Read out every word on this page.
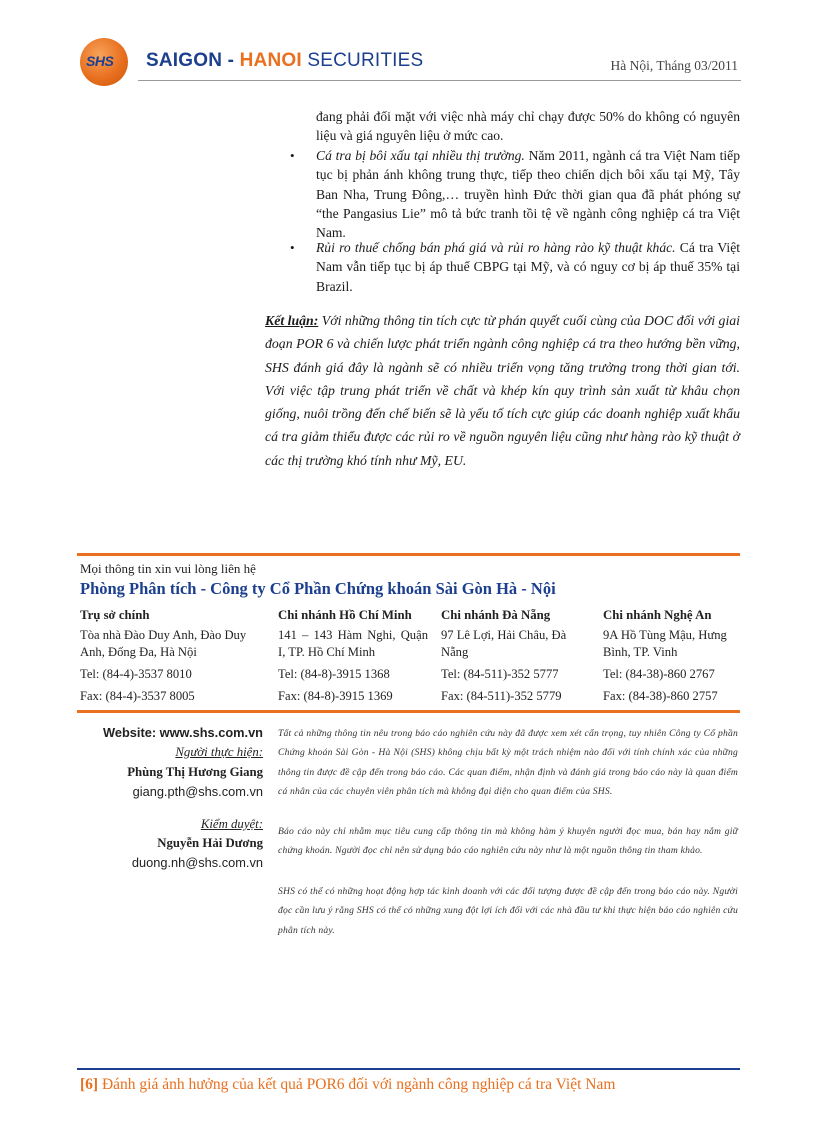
SHS	SAIGON - HANOI SECURITIES	Hà Nội, Tháng 03/2011
đang phải đối mặt với việc nhà máy chỉ chạy được 50% do không có nguyên liệu và giá nguyên liệu ở mức cao.
• Cá tra bị bôi xấu tại nhiều thị trường. Năm 2011, ngành cá tra Việt Nam tiếp tục bị phản ánh không trung thực, tiếp theo chiến dịch bôi xấu tại Mỹ, Tây Ban Nha, Trung Đông,… truyền hình Đức thời gian qua đã phát phóng sự “the Pangasius Lie” mô tả bức tranh tồi tệ về ngành công nghiệp cá tra Việt Nam.
• Rủi ro thuế chống bán phá giá và rủi ro hàng rào kỹ thuật khác. Cá tra Việt Nam vẫn tiếp tục bị áp thuế CBPG tại Mỹ, và có nguy cơ bị áp thuế 35% tại Brazil.
Kết luận: Với những thông tin tích cực từ phán quyết cuối cùng của DOC đối với giai đoạn POR 6 và chiến lược phát triển ngành công nghiệp cá tra theo hướng bền vững, SHS đánh giá đây là ngành sẽ có nhiều triển vọng tăng trưởng trong thời gian tới. Với việc tập trung phát triển về chất và khép kín quy trình sản xuất từ khâu chọn giống, nuôi trồng đến chế biến sẽ là yếu tố tích cực giúp các doanh nghiệp xuất khẩu cá tra giảm thiểu được các rủi ro về nguồn nguyên liệu cũng như hàng rào kỹ thuật ở các thị trường khó tính như Mỹ, EU.
Mọi thông tin xin vui lòng liên hệ
Phòng Phân tích - Công ty Cổ Phần Chứng khoán Sài Gòn Hà - Nội
Trụ sở chính
Tòa nhà Đào Duy Anh, Đào Duy Anh, Đống Đa, Hà Nội
Tel: (84-4)-3537 8010
Fax: (84-4)-3537 8005
Chi nhánh Hồ Chí Minh
141 – 143 Hàm Nghi, Quận I, TP. Hồ Chí Minh
Tel: (84-8)-3915 1368
Fax: (84-8)-3915 1369
Chi nhánh Đà Nẵng
97 Lê Lợi, Hải Châu, Đà Nẵng
Tel: (84-511)-352 5777
Fax: (84-511)-352 5779
Chi nhánh Nghệ An
9A Hồ Tùng Mậu, Hưng Bình, TP. Vinh
Tel: (84-38)-860 2767
Fax: (84-38)-860 2757
Website: www.shs.com.vn
Người thực hiện:
Phùng Thị Hương Giang
giang.pth@shs.com.vn
Kiểm duyệt:
Nguyễn Hải Dương
duong.nh@shs.com.vn
Tất cả những thông tin nêu trong báo cáo nghiên cứu này đã được xem xét cẩn trọng, tuy nhiên Công ty Cổ phần Chứng khoán Sài Gòn - Hà Nội (SHS) không chịu bất kỳ một trách nhiệm nào đối với tính chính xác của những thông tin được đề cập đến trong báo cáo. Các quan điểm, nhận định và đánh giá trong báo cáo này là quan điểm cá nhân của các chuyên viên phân tích mà không đại diện cho quan điểm của SHS.
Báo cáo này chỉ nhằm mục tiêu cung cấp thông tin mà không hàm ý khuyên người đọc mua, bán hay nắm giữ chứng khoán. Người đọc chỉ nên sử dụng báo cáo nghiên cứu này như là một nguồn thông tin tham khảo.
SHS có thể có những hoạt động hợp tác kinh doanh với các đối tượng được đề cập đến trong báo cáo này. Người đọc cần lưu ý rằng SHS có thể có những xung đột lợi ích đối với các nhà đầu tư khi thực hiện báo cáo nghiên cứu phân tích này.
[6] Đánh giá ảnh hưởng của kết quả POR6 đối với ngành công nghiệp cá tra Việt Nam
